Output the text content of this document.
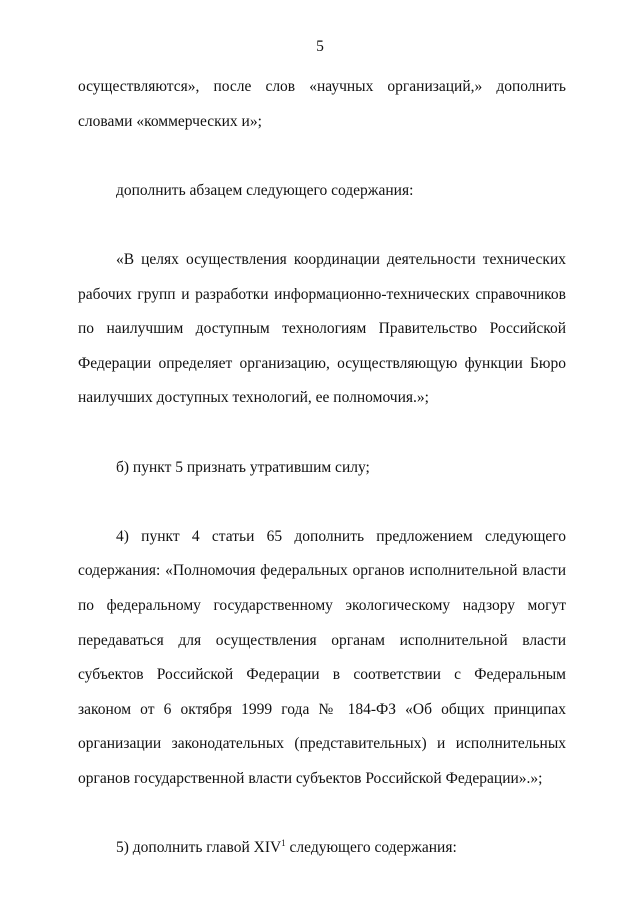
5

осуществляются», после слов «научных организаций,» дополнить словами «коммерческих и»;

дополнить абзацем следующего содержания:

«В целях осуществления координации деятельности технических рабочих групп и разработки информационно-технических справочников по наилучшим доступным технологиям Правительство Российской Федерации определяет организацию, осуществляющую функции Бюро наилучших доступных технологий, ее полномочия.»;

б) пункт 5 признать утратившим силу;

4) пункт 4 статьи 65 дополнить предложением следующего содержания: «Полномочия федеральных органов исполнительной власти по федеральному государственному экологическому надзору могут передаваться для осуществления органам исполнительной власти субъектов Российской Федерации в соответствии с Федеральным законом от 6 октября 1999 года № 184-ФЗ «Об общих принципах организации законодательных (представительных) и исполнительных органов государственной власти субъектов Российской Федерации».»;

5) дополнить главой XIV$^1$ следующего содержания:
